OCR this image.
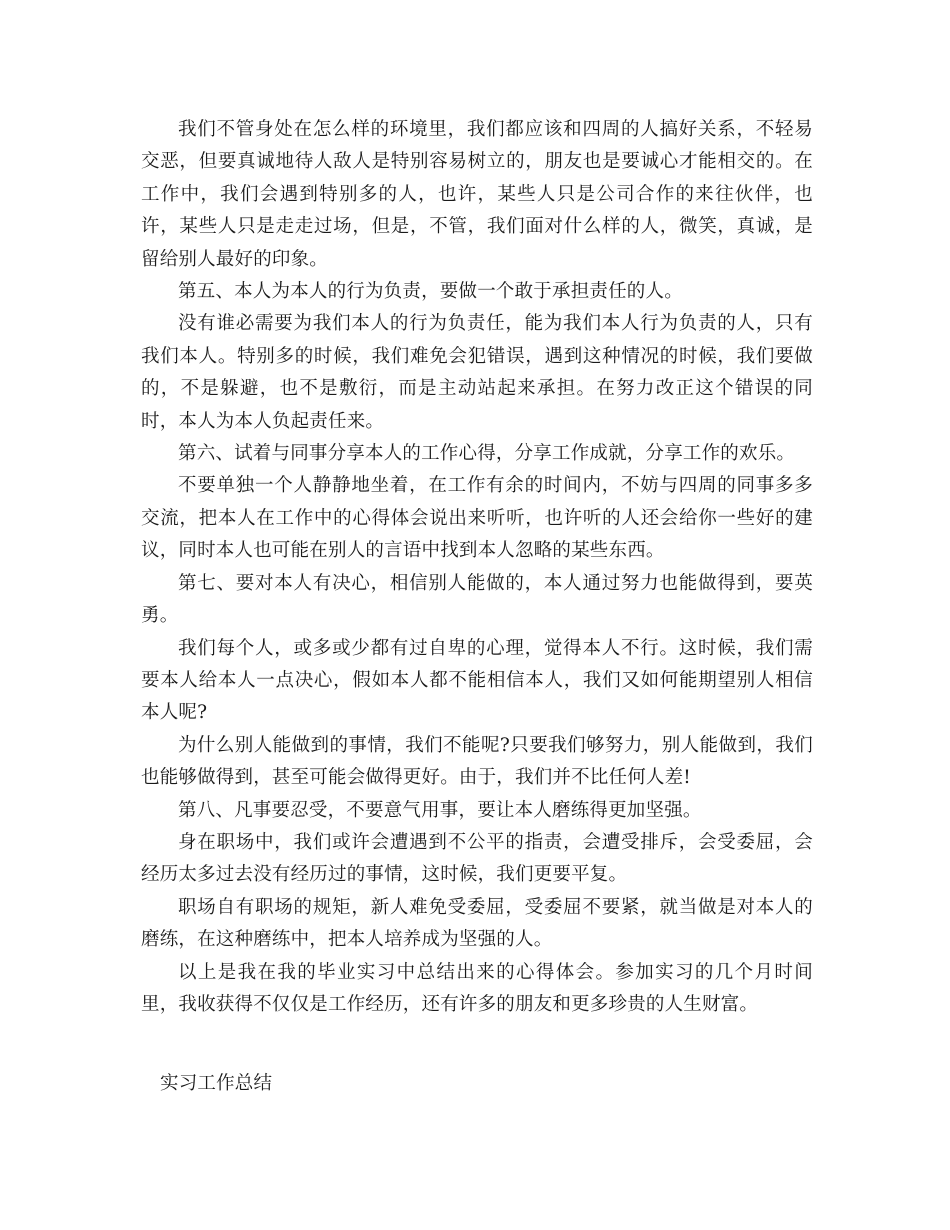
我们不管身处在怎么样的环境里，我们都应该和四周的人搞好关系，不轻易交恶，但要真诚地待人敌人是特别容易树立的，朋友也是要诚心才能相交的。在工作中，我们会遇到特别多的人，也许，某些人只是公司合作的来往伙伴，也许，某些人只是走走过场，但是，不管，我们面对什么样的人，微笑，真诚，是留给别人最好的印象。

第五、本人为本人的行为负责，要做一个敢于承担责任的人。

没有谁必需要为我们本人的行为负责任，能为我们本人行为负责的人，只有我们本人。特别多的时候，我们难免会犯错误，遇到这种情况的时候，我们要做的，不是躲避，也不是敷衍，而是主动站起来承担。在努力改正这个错误的同时，本人为本人负起责任来。

第六、试着与同事分享本人的工作心得，分享工作成就，分享工作的欢乐。

不要单独一个人静静地坐着，在工作有余的时间内，不妨与四周的同事多多交流，把本人在工作中的心得体会说出来听听，也许听的人还会给你一些好的建议，同时本人也可能在别人的言语中找到本人忽略的某些东西。

第七、要对本人有决心，相信别人能做的，本人通过努力也能做得到，要英勇。

我们每个人，或多或少都有过自卑的心理，觉得本人不行。这时候，我们需要本人给本人一点决心，假如本人都不能相信本人，我们又如何能期望别人相信本人呢?

为什么别人能做到的事情，我们不能呢?只要我们够努力，别人能做到，我们也能够做得到，甚至可能会做得更好。由于，我们并不比任何人差!

第八、凡事要忍受，不要意气用事，要让本人磨练得更加坚强。

身在职场中，我们或许会遭遇到不公平的指责，会遭受排斥，会受委屈，会经历太多过去没有经历过的事情，这时候，我们更要平复。

职场自有职场的规矩，新人难免受委屈，受委屈不要紧，就当做是对本人的磨练，在这种磨练中，把本人培养成为坚强的人。

以上是我在我的毕业实习中总结出来的心得体会。参加实习的几个月时间里，我收获得不仅仅是工作经历，还有许多的朋友和更多珍贵的人生财富。

实习工作总结
